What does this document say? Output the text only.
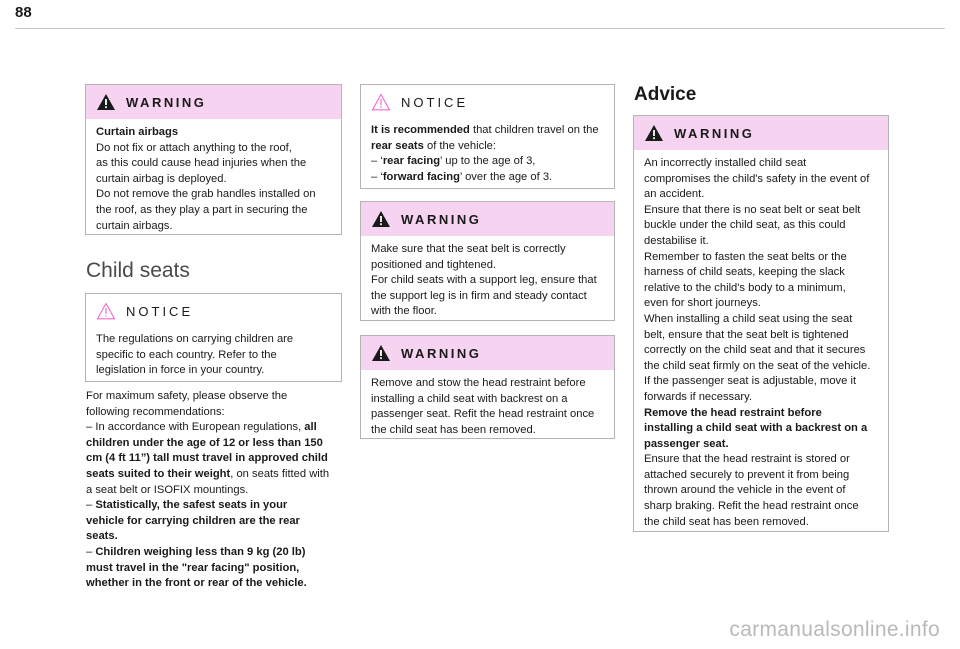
88
WARNING
Curtain airbags
Do not fix or attach anything to the roof,
as this could cause head injuries when the
curtain airbag is deployed.
Do not remove the grab handles installed on
the roof, as they play a part in securing the
curtain airbags.
Child seats
NOTICE
The regulations on carrying children are
specific to each country. Refer to the
legislation in force in your country.
For maximum safety, please observe the
following recommendations:
– In accordance with European regulations, all
children under the age of 12 or less than 150
cm (4 ft 11”) tall must travel in approved child
seats suited to their weight, on seats fitted with
a seat belt or ISOFIX mountings.
– Statistically, the safest seats in your
vehicle for carrying children are the rear
seats.
– Children weighing less than 9 kg (20 lb)
must travel in the "rear facing" position,
whether in the front or rear of the vehicle.
NOTICE
It is recommended that children travel on the
rear seats of the vehicle:
– ‘rear facing’ up to the age of 3,
– ‘forward facing’ over the age of 3.
WARNING
Make sure that the seat belt is correctly
positioned and tightened.
For child seats with a support leg, ensure that
the support leg is in firm and steady contact
with the floor.
WARNING
Remove and stow the head restraint before
installing a child seat with backrest on a
passenger seat. Refit the head restraint once
the child seat has been removed.
Advice
WARNING
An incorrectly installed child seat
compromises the child's safety in the event of
an accident.
Ensure that there is no seat belt or seat belt
buckle under the child seat, as this could
destabilise it.
Remember to fasten the seat belts or the
harness of child seats, keeping the slack
relative to the child's body to a minimum,
even for short journeys.
When installing a child seat using the seat
belt, ensure that the seat belt is tightened
correctly on the child seat and that it secures
the child seat firmly on the seat of the vehicle.
If the passenger seat is adjustable, move it
forwards if necessary.
Remove the head restraint before
installing a child seat with a backrest on a
passenger seat.
Ensure that the head restraint is stored or
attached securely to prevent it from being
thrown around the vehicle in the event of
sharp braking. Refit the head restraint once
the child seat has been removed.
carmanualsonline.info
